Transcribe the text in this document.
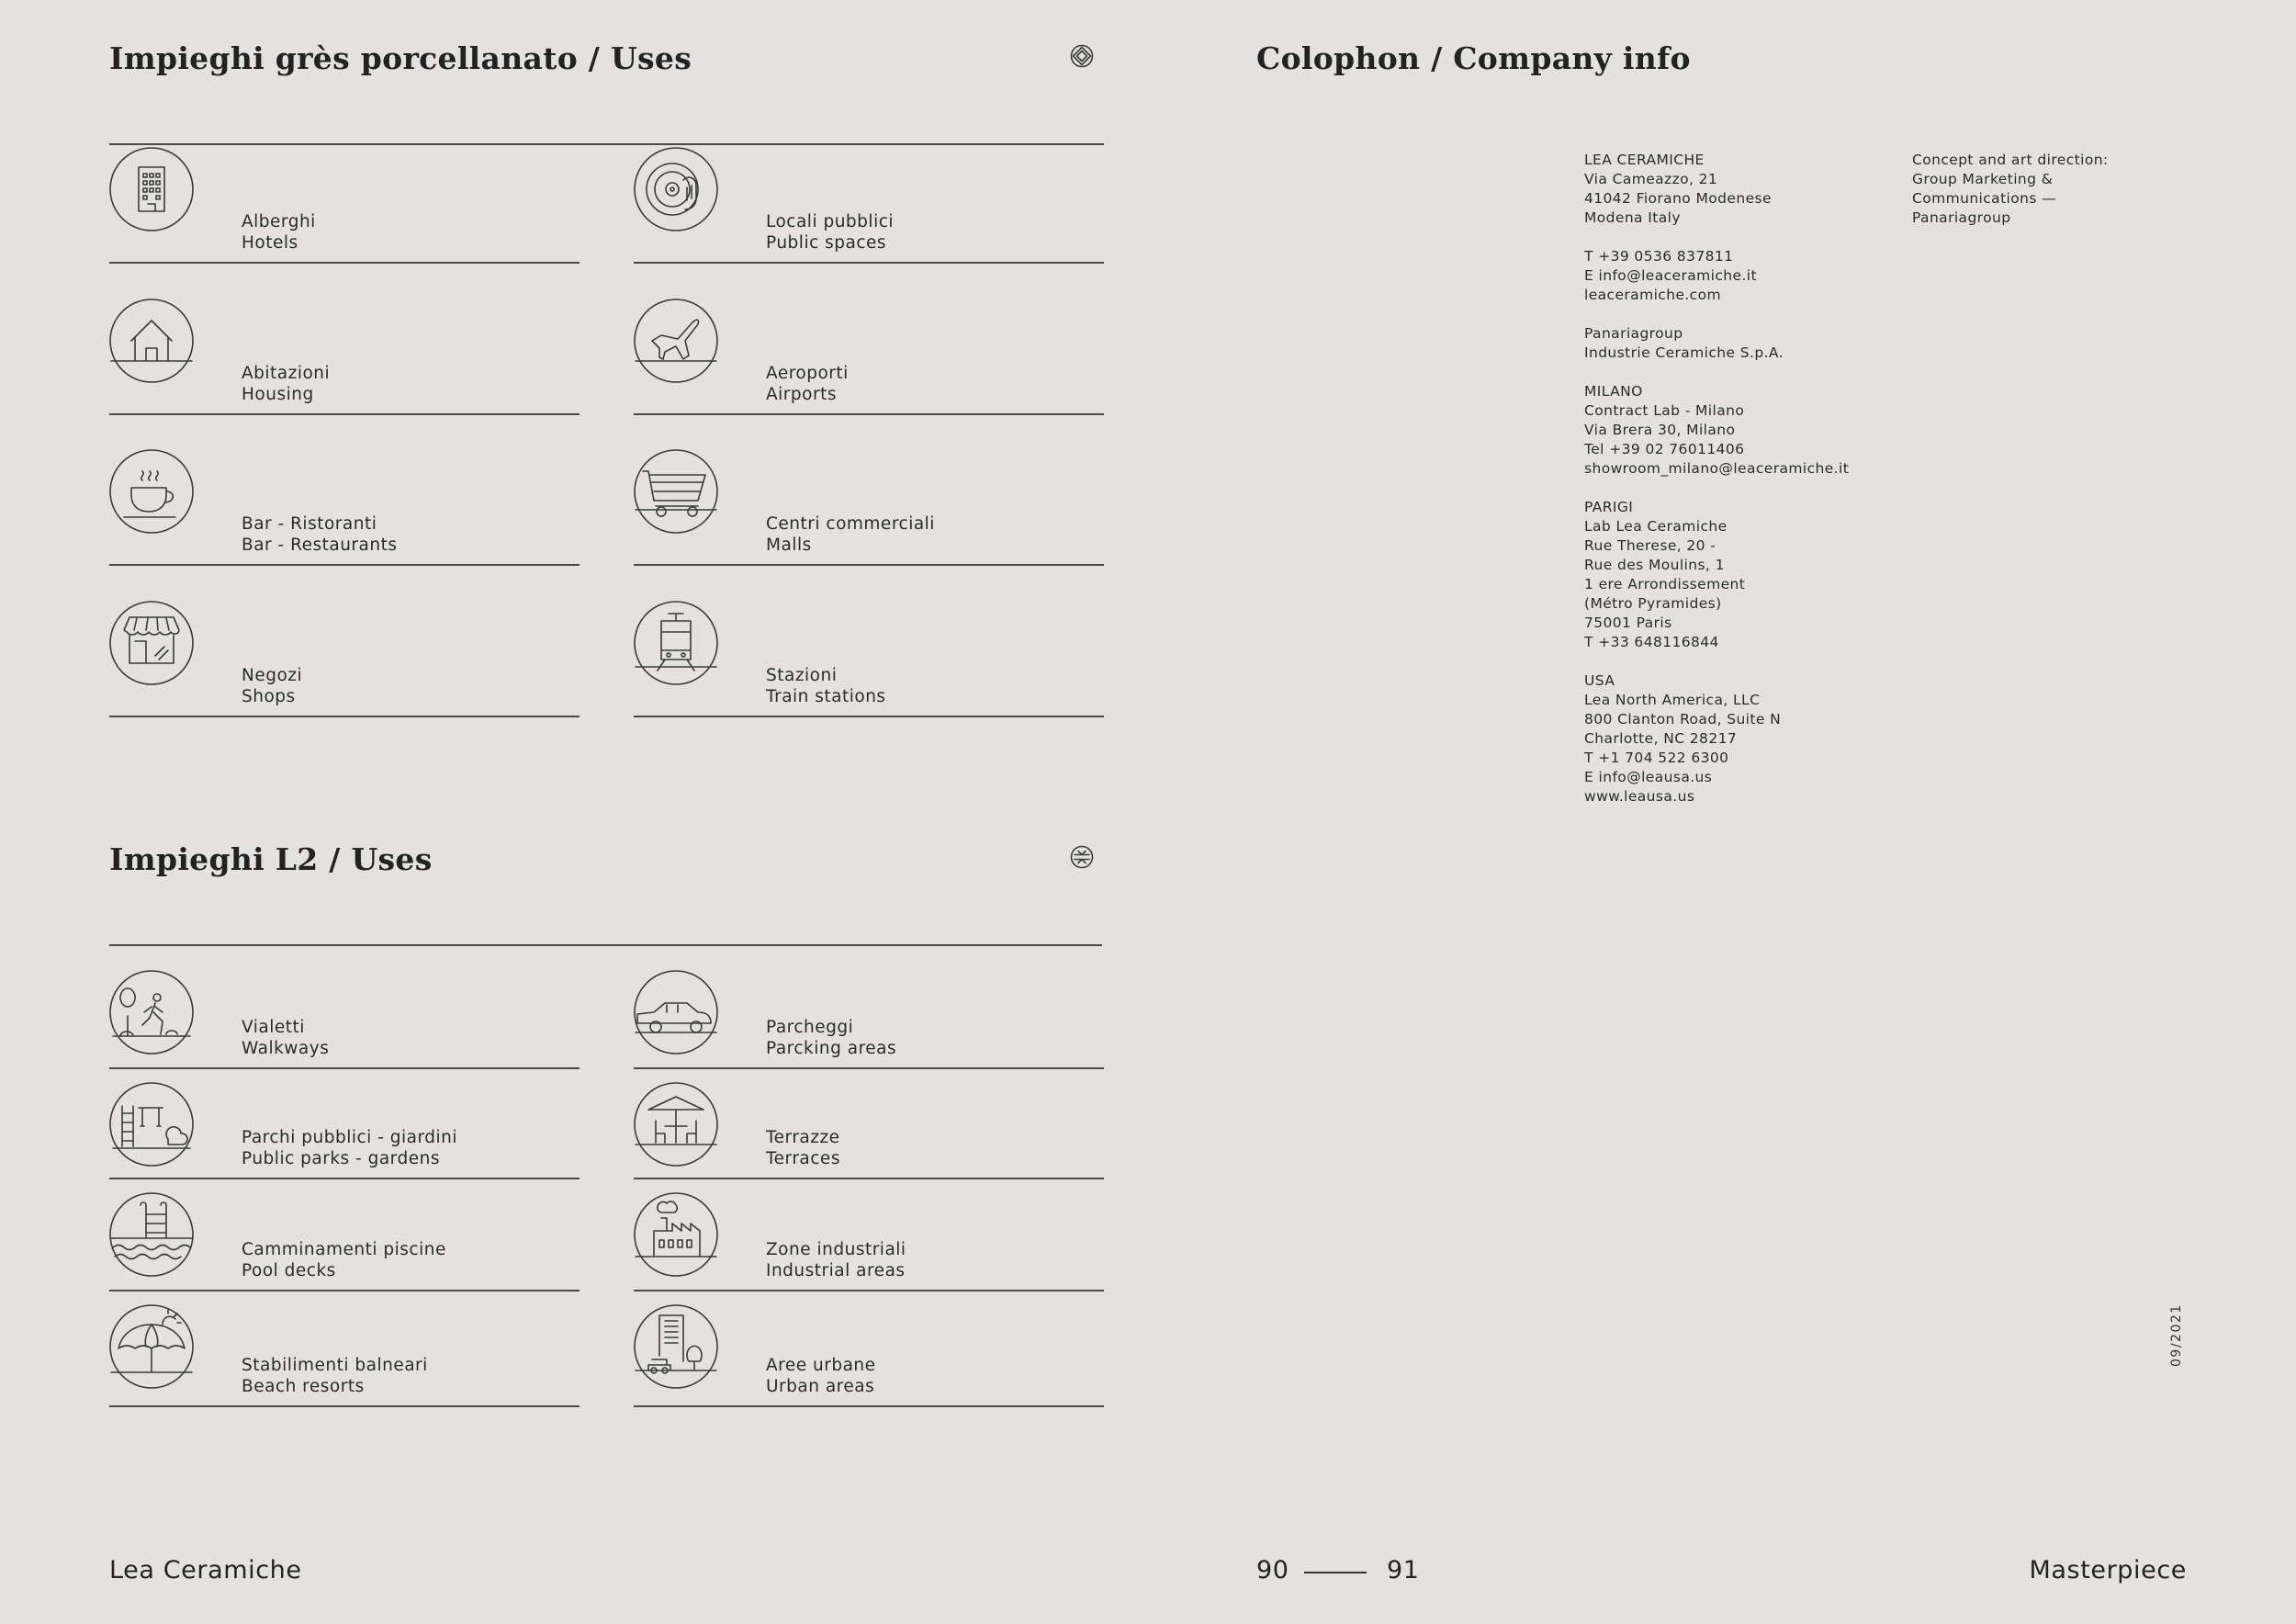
Impieghi grès porcellanato / Uses
Impieghi L2 / Uses
Alberghi
Hotels
Locali pubblici
Public spaces
Abitazioni
Housing
Aeroporti
Airports
Bar - Ristoranti
Bar - Restaurants
Centri commerciali
Malls
Negozi
Shops
Stazioni
Train stations
Vialetti
Walkways
Parcheggi
Parcking areas
Parchi pubblici - giardini
Public parks - gardens
Terrazze
Terraces
Camminamenti piscine
Pool decks
Zone industriali
Industrial areas
Stabilimenti balneari
Beach resorts
Aree urbane
Urban areas
Colophon / Company info
LEA CERAMICHE
Via Cameazzo, 21
41042 Fiorano Modenese
Modena Italy
T +39 0536 837811
E info@leaceramiche.it
leaceramiche.com
Panariagroup
Industrie Ceramiche S.p.A.
MILANO
Contract Lab - Milano
Via Brera 30, Milano
Tel +39 02 76011406
showroom_milano@leaceramiche.it
PARIGI
Lab Lea Ceramiche
Rue Therese, 20 -
Rue des Moulins, 1
1 ere Arrondissement
(Métro Pyramides)
75001 Paris
T +33 648116844
USA
Lea North America, LLC
800 Clanton Road, Suite N
Charlotte, NC 28217
T +1 704 522 6300
E info@leausa.us
www.leausa.us
Concept and art direction:
Group Marketing &
Communications —
Panariagroup
09/2021
Lea Ceramiche	90	91	Masterpiece
